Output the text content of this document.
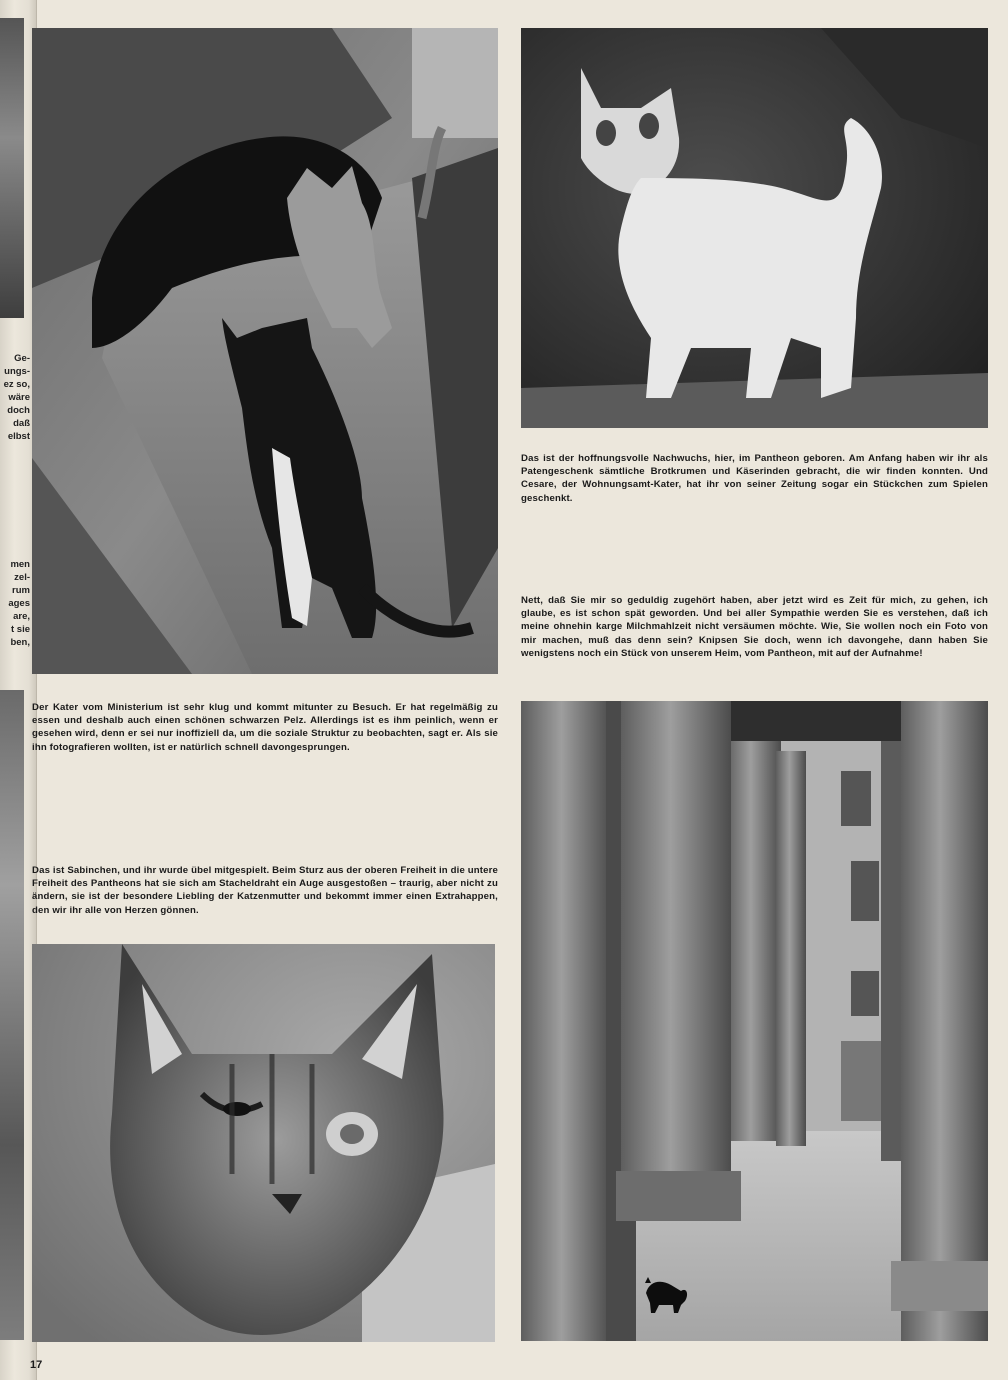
Ge-
ungs-
ez so,
wäre
doch
daß
elbst
men
zel-
rum
ages
are,
t sie
ben,

Das ist der hoffnungsvolle Nachwuchs, hier, im Pantheon geboren. Am Anfang haben wir ihr als Patengeschenk sämtliche Brotkrumen und Käserinden gebracht, die wir finden konnten. Und Cesare, der Wohnungsamt-Kater, hat ihr von seiner Zeitung sogar ein Stückchen zum Spielen geschenkt.

Nett, daß Sie mir so geduldig zugehört haben, aber jetzt wird es Zeit für mich, zu gehen, ich glaube, es ist schon spät geworden. Und bei aller Sympathie werden Sie es verstehen, daß ich meine ohnehin karge Milchmahlzeit nicht versäumen möchte. Wie, Sie wollen noch ein Foto von mir machen, muß das denn sein? Knipsen Sie doch, wenn ich davongehe, dann haben Sie wenigstens noch ein Stück von unserem Heim, vom Pantheon, mit auf der Aufnahme!

Der Kater vom Ministerium ist sehr klug und kommt mitunter zu Besuch. Er hat regelmäßig zu essen und deshalb auch einen schönen schwarzen Pelz. Allerdings ist es ihm peinlich, wenn er gesehen wird, denn er sei nur inoffiziell da, um die soziale Struktur zu beobachten, sagt er. Als sie ihn fotografieren wollten, ist er natürlich schnell davongesprungen.

Das ist Sabinchen, und ihr wurde übel mitgespielt. Beim Sturz aus der oberen Freiheit in die untere Freiheit des Pantheons hat sie sich am Stacheldraht ein Auge ausgestoßen – traurig, aber nicht zu ändern, sie ist der besondere Liebling der Katzenmutter und bekommt immer einen Extrahappen, den wir ihr alle von Herzen gönnen.

17
